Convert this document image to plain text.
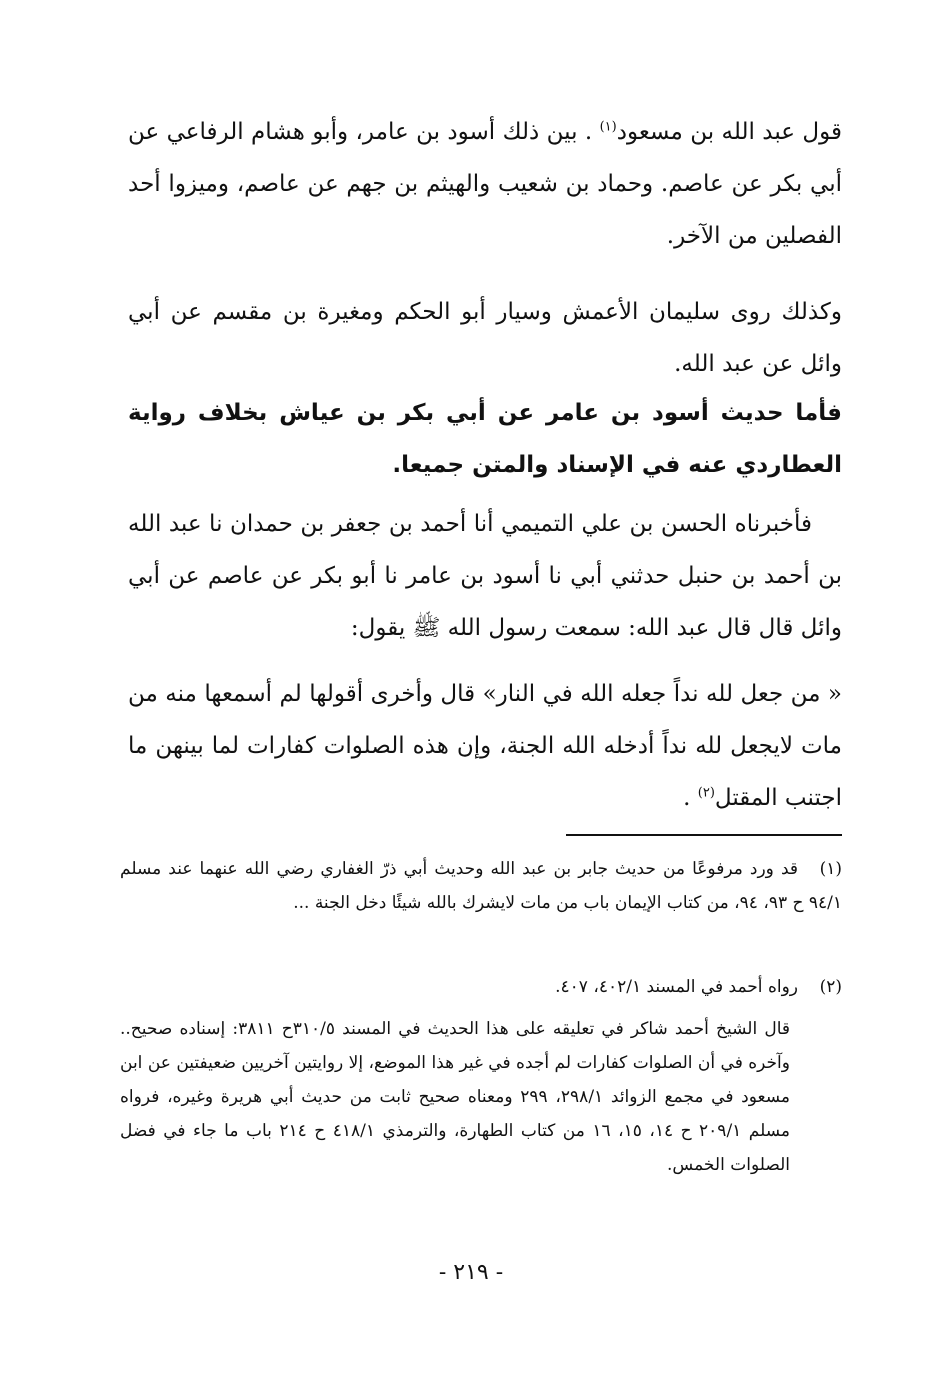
قول عبد الله بن مسعود$^{(١)}$ . بين ذلك أسود بن عامر، وأبو هشام الرفاعي عن أبي بكر عن عاصم. وحماد بن شعيب والهيثم بن جهم عن عاصم، وميزوا أحد الفصلين من الآخر.
وكذلك روى سليمان الأعمش وسيار أبو الحكم ومغيرة بن مقسم عن أبي وائل عن عبد الله.
فأما حديث أسود بن عامر عن أبي بكر بن عياش بخلاف رواية العطاردي عنه في الإسناد والمتن جميعا.
فأخبرناه الحسن بن علي التميمي أنا أحمد بن جعفر بن حمدان نا عبد الله بن أحمد بن حنبل حدثني أبي نا أسود بن عامر نا أبو بكر عن عاصم عن أبي وائل قال قال عبد الله: سمعت رسول الله ﷺ يقول:
« من جعل لله نداً جعله الله في النار» قال وأخرى أقولها لم أسمعها منه من مات لايجعل لله نداً أدخله الله الجنة، وإن هذه الصلوات كفارات لما بينهن ما اجتنب المقتل$^{(٢)}$ .
(١)قد ورد مرفوعًا من حديث جابر بن عبد الله وحديث أبي ذرّ الغفاري رضي الله عنهما عند مسلم ٩٤/١ ح ٩٣، ٩٤، من كتاب الإيمان باب من مات لايشرك بالله شيئًا دخل الجنة ...
(٢)رواه أحمد في المسند ٤٠٢/١، ٤٠٧.
قال الشيخ أحمد شاكر في تعليقه على هذا الحديث في المسند ٣١٠/٥ح ٣٨١١: إسناده صحيح.. وآخره في أن الصلوات كفارات لم أجده في غير هذا الموضع، إلا روايتين آخريين ضعيفتين عن ابن مسعود في مجمع الزوائد ٢٩٨/١، ٢٩٩ ومعناه صحيح ثابت من حديث أبي هريرة وغيره، فرواه مسلم ٢٠٩/١ ح ١٤، ١٥، ١٦ من كتاب الطهارة، والترمذي ٤١٨/١ ح ٢١٤ باب ما جاء في فضل الصلوات الخمس.
- ٢١٩ -
